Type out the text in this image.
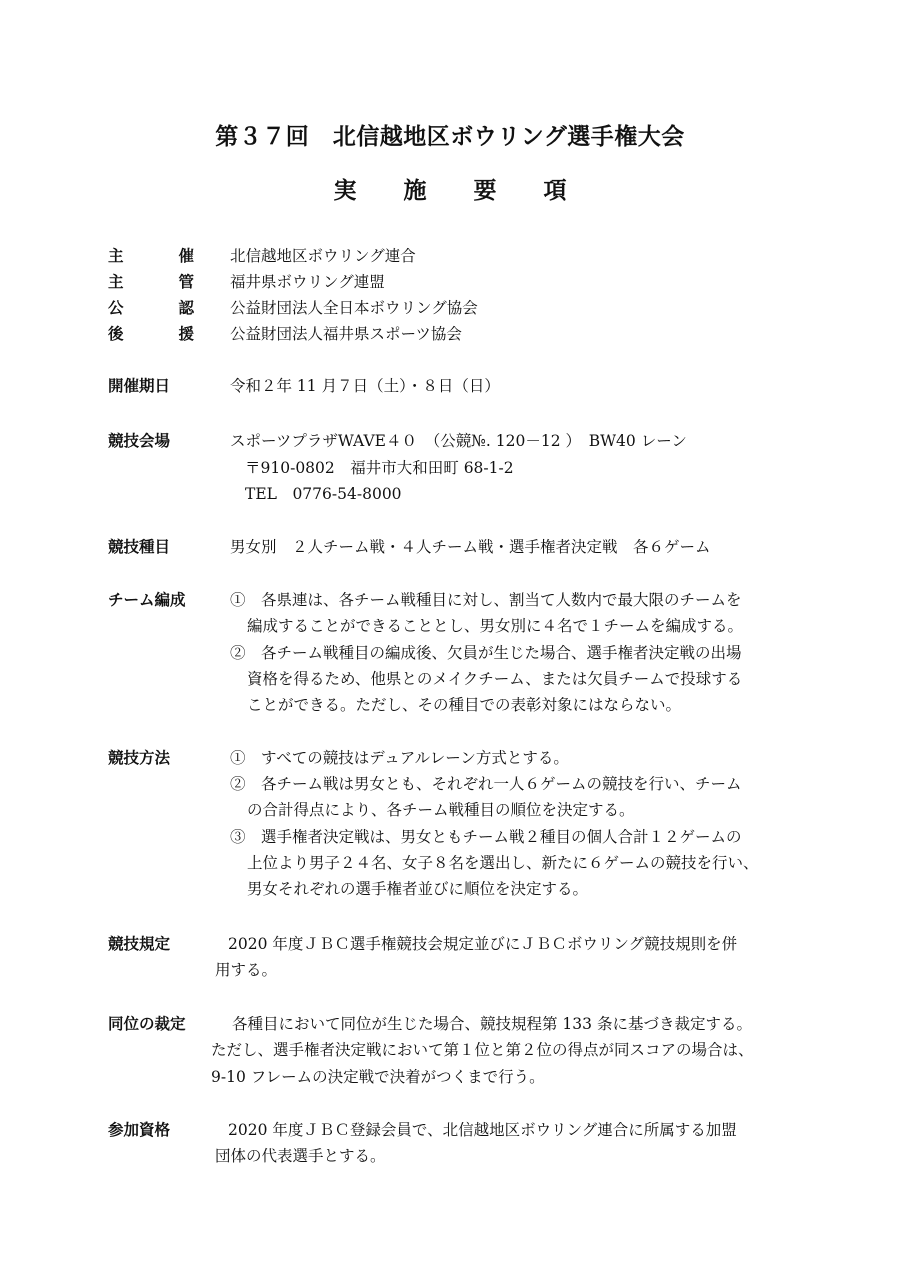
第３７回　北信越地区ボウリング選手権大会
実　施　要　項
主	催 北信越地区ボウリング連合
主	管 福井県ボウリング連盟
公	認 公益財団法人全日本ボウリング協会
後	援 公益財団法人福井県スポーツ協会
開催期日	令和２年 11 月７日（土）・８日（日）
競技会場	スポーツプラザWAVE４０　（公競№. 120－12 ）　BW40 レーン
〒910-0802　福井市大和田町 68-1-2
TEL　0776-54-8000
競技種目	男女別　２人チーム戦・４人チーム戦・選手権者決定戦　各６ゲーム
チーム編成	①　各県連は、各チーム戦種目に対し、割当て人数内で最大限のチームを
編成することができることとし、男女別に４名で１チームを編成する。
②　各チーム戦種目の編成後、欠員が生じた場合、選手権者決定戦の出場
資格を得るため、他県とのメイクチーム、または欠員チームで投球する
ことができる。ただし、その種目での表彰対象にはならない。
競技方法	①　すべての競技はデュアルレーン方式とする。
②　各チーム戦は男女とも、それぞれ一人６ゲームの競技を行い、チーム
の合計得点により、各チーム戦種目の順位を決定する。
③　選手権者決定戦は、男女ともチーム戦２種目の個人合計１２ゲームの
上位より男子２４名、女子８名を選出し、新たに６ゲームの競技を行い、
男女それぞれの選手権者並びに順位を決定する。
競技規定	2020 年度ＪＢＣ選手権競技会規定並びにＪＢＣボウリング競技規則を併
用する。
同位の裁定	各種目において同位が生じた場合、競技規程第 133 条に基づき裁定する。
ただし、選手権者決定戦において第１位と第２位の得点が同スコアの場合は、
9-10 フレームの決定戦で決着がつくまで行う。
参加資格	2020 年度ＪＢＣ登録会員で、北信越地区ボウリング連合に所属する加盟
団体の代表選手とする。
